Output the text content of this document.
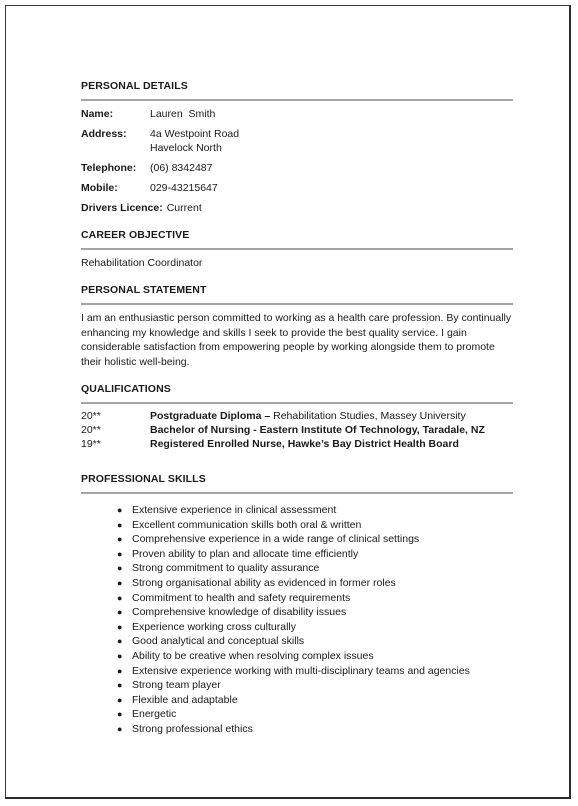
PERSONAL DETAILS
Name:	Lauren  Smith
Address:	4a Westpoint Road
Havelock North
Telephone:	(06) 8342487
Mobile:	029-43215647
Drivers Licence: Current
CAREER OBJECTIVE
Rehabilitation Coordinator
PERSONAL STATEMENT
I am an enthusiastic person committed to working as a health care profession. By continually enhancing my knowledge and skills I seek to provide the best quality service. I gain considerable satisfaction from empowering people by working alongside them to promote their holistic well-being.
QUALIFICATIONS
20**	Postgraduate Diploma – Rehabilitation Studies, Massey University
20**	Bachelor of Nursing - Eastern Institute Of Technology, Taradale, NZ
19**	Registered Enrolled Nurse, Hawke’s Bay District Health Board
PROFESSIONAL SKILLS
● Extensive experience in clinical assessment
● Excellent communication skills both oral & written
● Comprehensive experience in a wide range of clinical settings
● Proven ability to plan and allocate time efficiently
● Strong commitment to quality assurance
● Strong organisational ability as evidenced in former roles
● Commitment to health and safety requirements
● Comprehensive knowledge of disability issues
● Experience working cross culturally
● Good analytical and conceptual skills
● Ability to be creative when resolving complex issues
● Extensive experience working with multi-disciplinary teams and agencies
● Strong team player
● Flexible and adaptable
● Energetic
● Strong professional ethics
